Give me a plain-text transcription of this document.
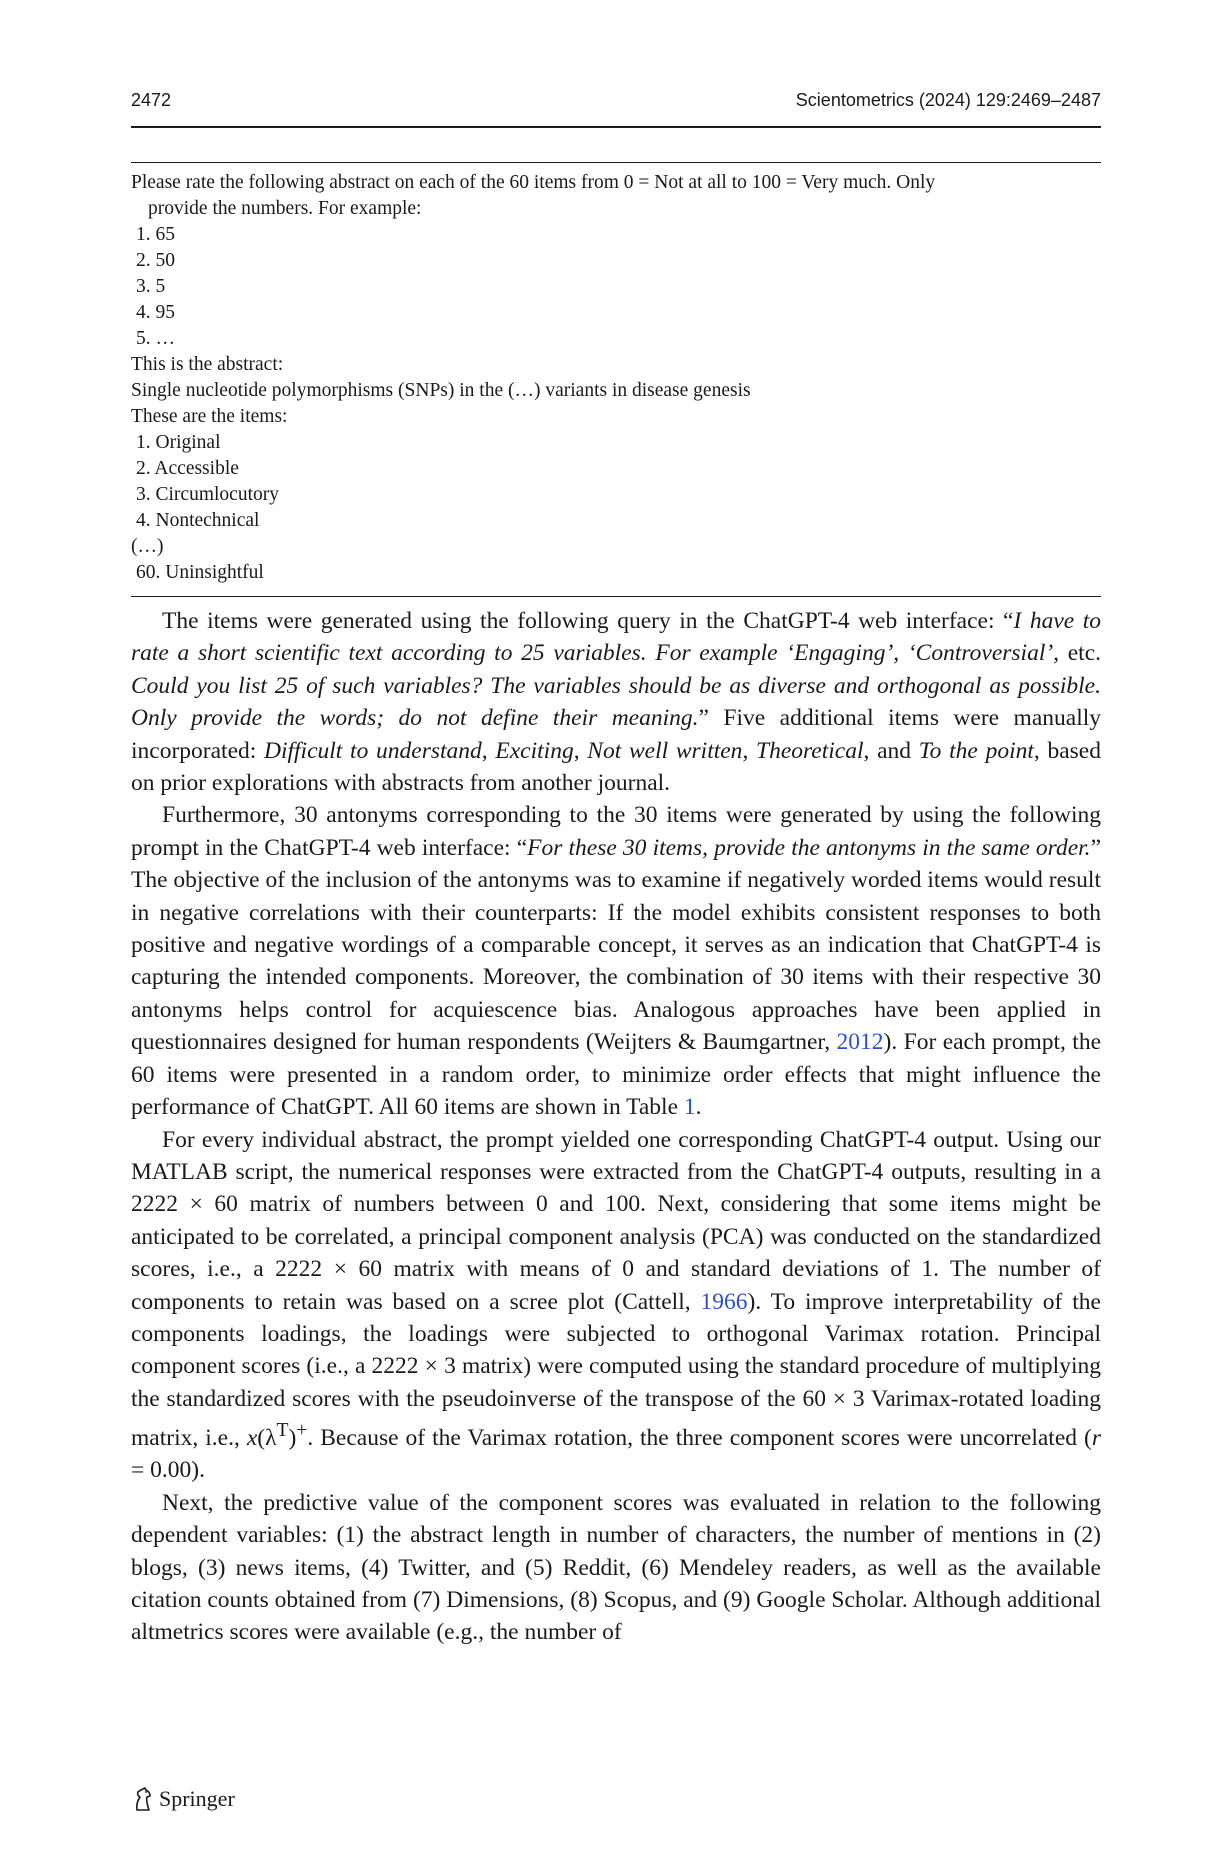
2472	Scientometrics (2024) 129:2469–2487
Please rate the following abstract on each of the 60 items from 0 = Not at all to 100 = Very much. Only
provide the numbers. For example:
1. 65
2. 50
3. 5
4. 95
5. …
This is the abstract:
Single nucleotide polymorphisms (SNPs) in the (…) variants in disease genesis
These are the items:
1. Original
2. Accessible
3. Circumlocutory
4. Nontechnical
(…)
60. Uninsightful

The items were generated using the following query in the ChatGPT-4 web interface: “I have to rate a short scientific text according to 25 variables. For example ‘Engaging’, ‘Controversial’, etc. Could you list 25 of such variables? The variables should be as diverse and orthogonal as possible. Only provide the words; do not define their meaning.” Five additional items were manually incorporated: Difficult to understand, Exciting, Not well written, Theoretical, and To the point, based on prior explorations with abstracts from another journal.

Furthermore, 30 antonyms corresponding to the 30 items were generated by using the following prompt in the ChatGPT-4 web interface: “For these 30 items, provide the antonyms in the same order.” The objective of the inclusion of the antonyms was to examine if negatively worded items would result in negative correlations with their counterparts: If the model exhibits consistent responses to both positive and negative wordings of a comparable concept, it serves as an indication that ChatGPT-4 is capturing the intended components. Moreover, the combination of 30 items with their respective 30 antonyms helps control for acquiescence bias. Analogous approaches have been applied in questionnaires designed for human respondents (Weijters & Baumgartner, 2012). For each prompt, the 60 items were presented in a random order, to minimize order effects that might influence the performance of ChatGPT. All 60 items are shown in Table 1.

For every individual abstract, the prompt yielded one corresponding ChatGPT-4 output. Using our MATLAB script, the numerical responses were extracted from the ChatGPT-4 outputs, resulting in a 2222 × 60 matrix of numbers between 0 and 100. Next, considering that some items might be anticipated to be correlated, a principal component analysis (PCA) was conducted on the standardized scores, i.e., a 2222 × 60 matrix with means of 0 and standard deviations of 1. The number of components to retain was based on a scree plot (Cattell, 1966). To improve interpretability of the components loadings, the loadings were subjected to orthogonal Varimax rotation. Principal component scores (i.e., a 2222 × 3 matrix) were computed using the standard procedure of multiplying the standardized scores with the pseudoinverse of the transpose of the 60 × 3 Varimax-rotated loading matrix, i.e., $x(\lambda^T)^+$. Because of the Varimax rotation, the three component scores were uncorrelated (r = 0.00).

Next, the predictive value of the component scores was evaluated in relation to the following dependent variables: (1) the abstract length in number of characters, the number of mentions in (2) blogs, (3) news items, (4) Twitter, and (5) Reddit, (6) Mendeley readers, as well as the available citation counts obtained from (7) Dimensions, (8) Scopus, and (9) Google Scholar. Although additional altmetrics scores were available (e.g., the number of

Springer
